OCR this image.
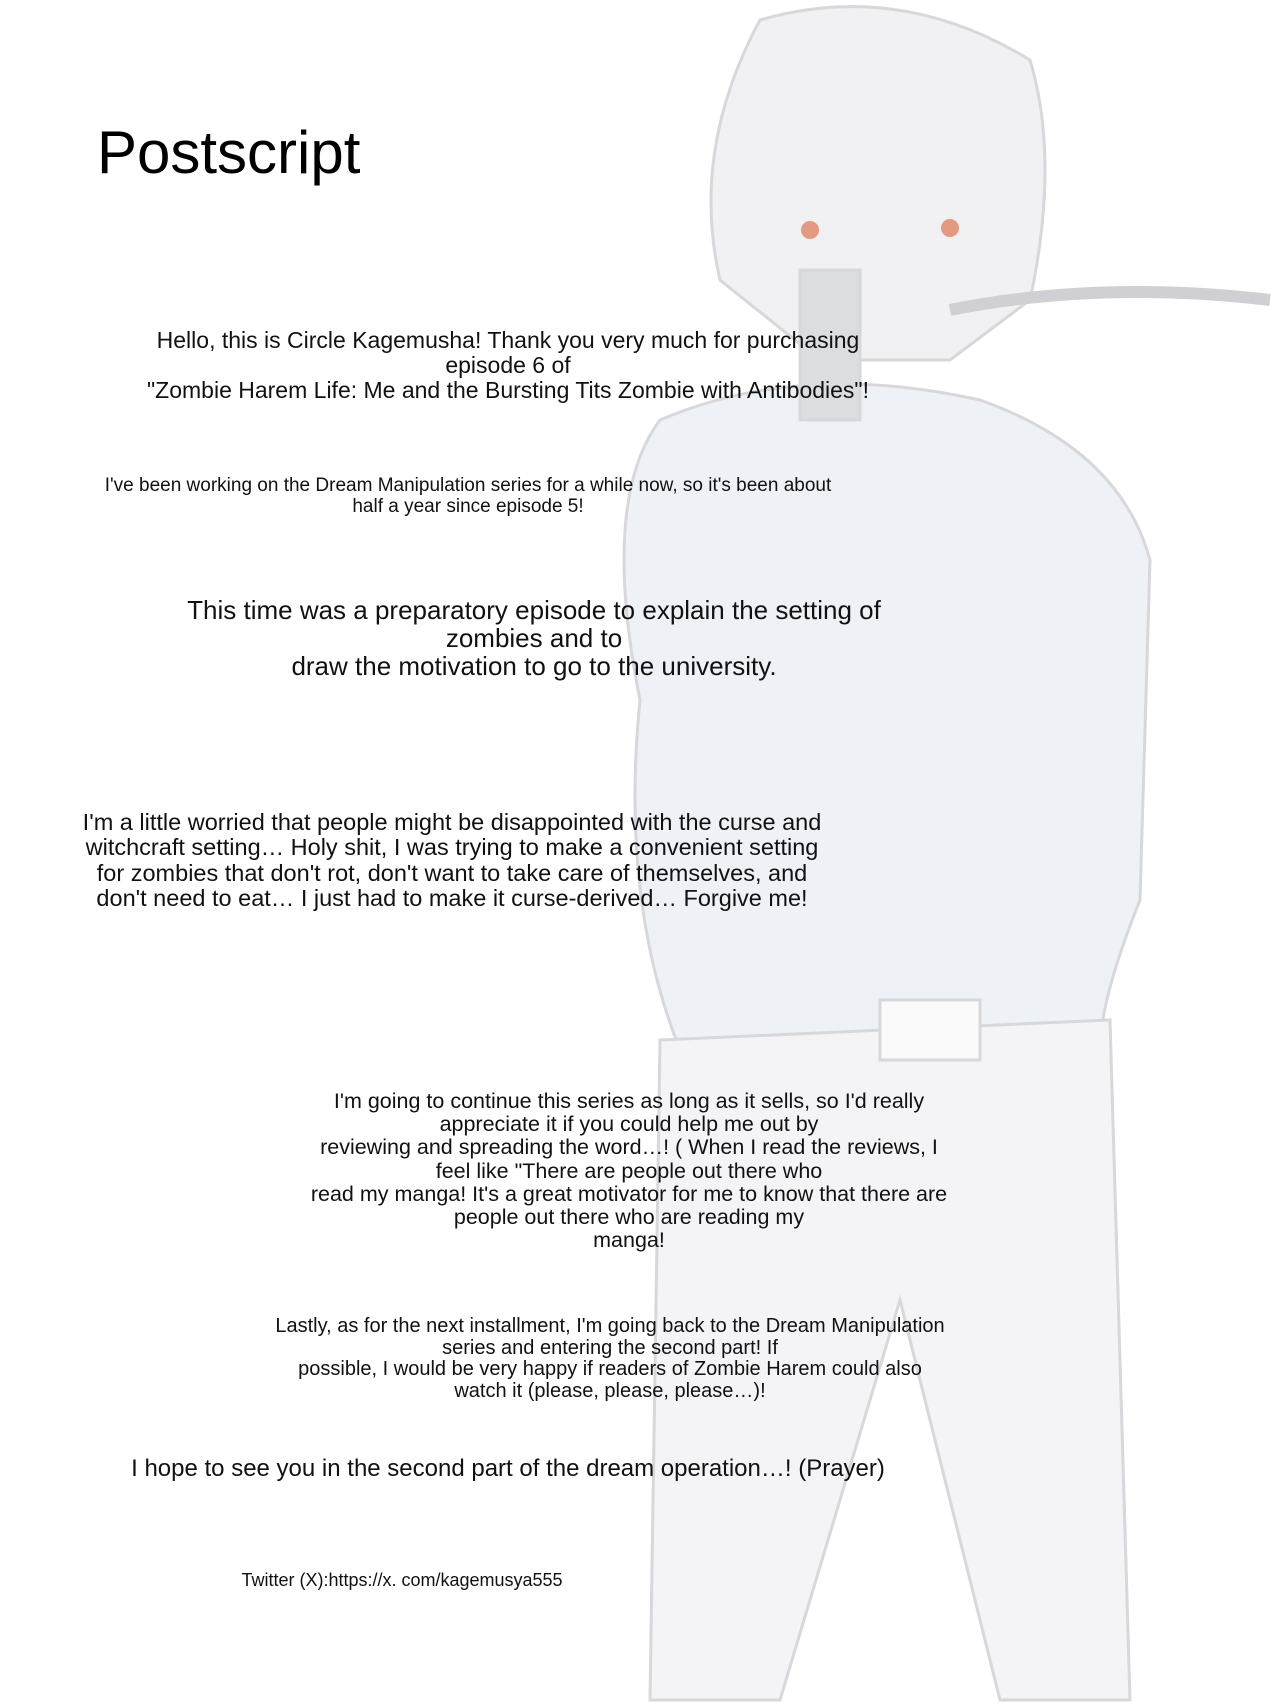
Postscript
Hello, this is Circle Kagemusha! Thank you very much for purchasing episode 6 of
"Zombie Harem Life: Me and the Bursting Tits Zombie with Antibodies"!
I've been working on the Dream Manipulation series for a while now, so it's been about
half a year since episode 5!
This time was a preparatory episode to explain the setting of zombies and to
draw the motivation to go to the university.
I'm a little worried that people might be disappointed with the curse and
witchcraft setting… Holy shit, I was trying to make a convenient setting
for zombies that don't rot, don't want to take care of themselves, and
don't need to eat… I just had to make it curse-derived… Forgive me!
I'm going to continue this series as long as it sells, so I'd really appreciate it if you could help me out by
reviewing and spreading the word…! ( When I read the reviews, I feel like "There are people out there who
read my manga! It's a great motivator for me to know that there are people out there who are reading my
manga!
Lastly, as for the next installment, I'm going back to the Dream Manipulation series and entering the second part! If
possible, I would be very happy if readers of Zombie Harem could also watch it (please, please, please…)!
I hope to see you in the second part of the dream operation…! (Prayer)
Twitter (X):https://x. com/kagemusya555
